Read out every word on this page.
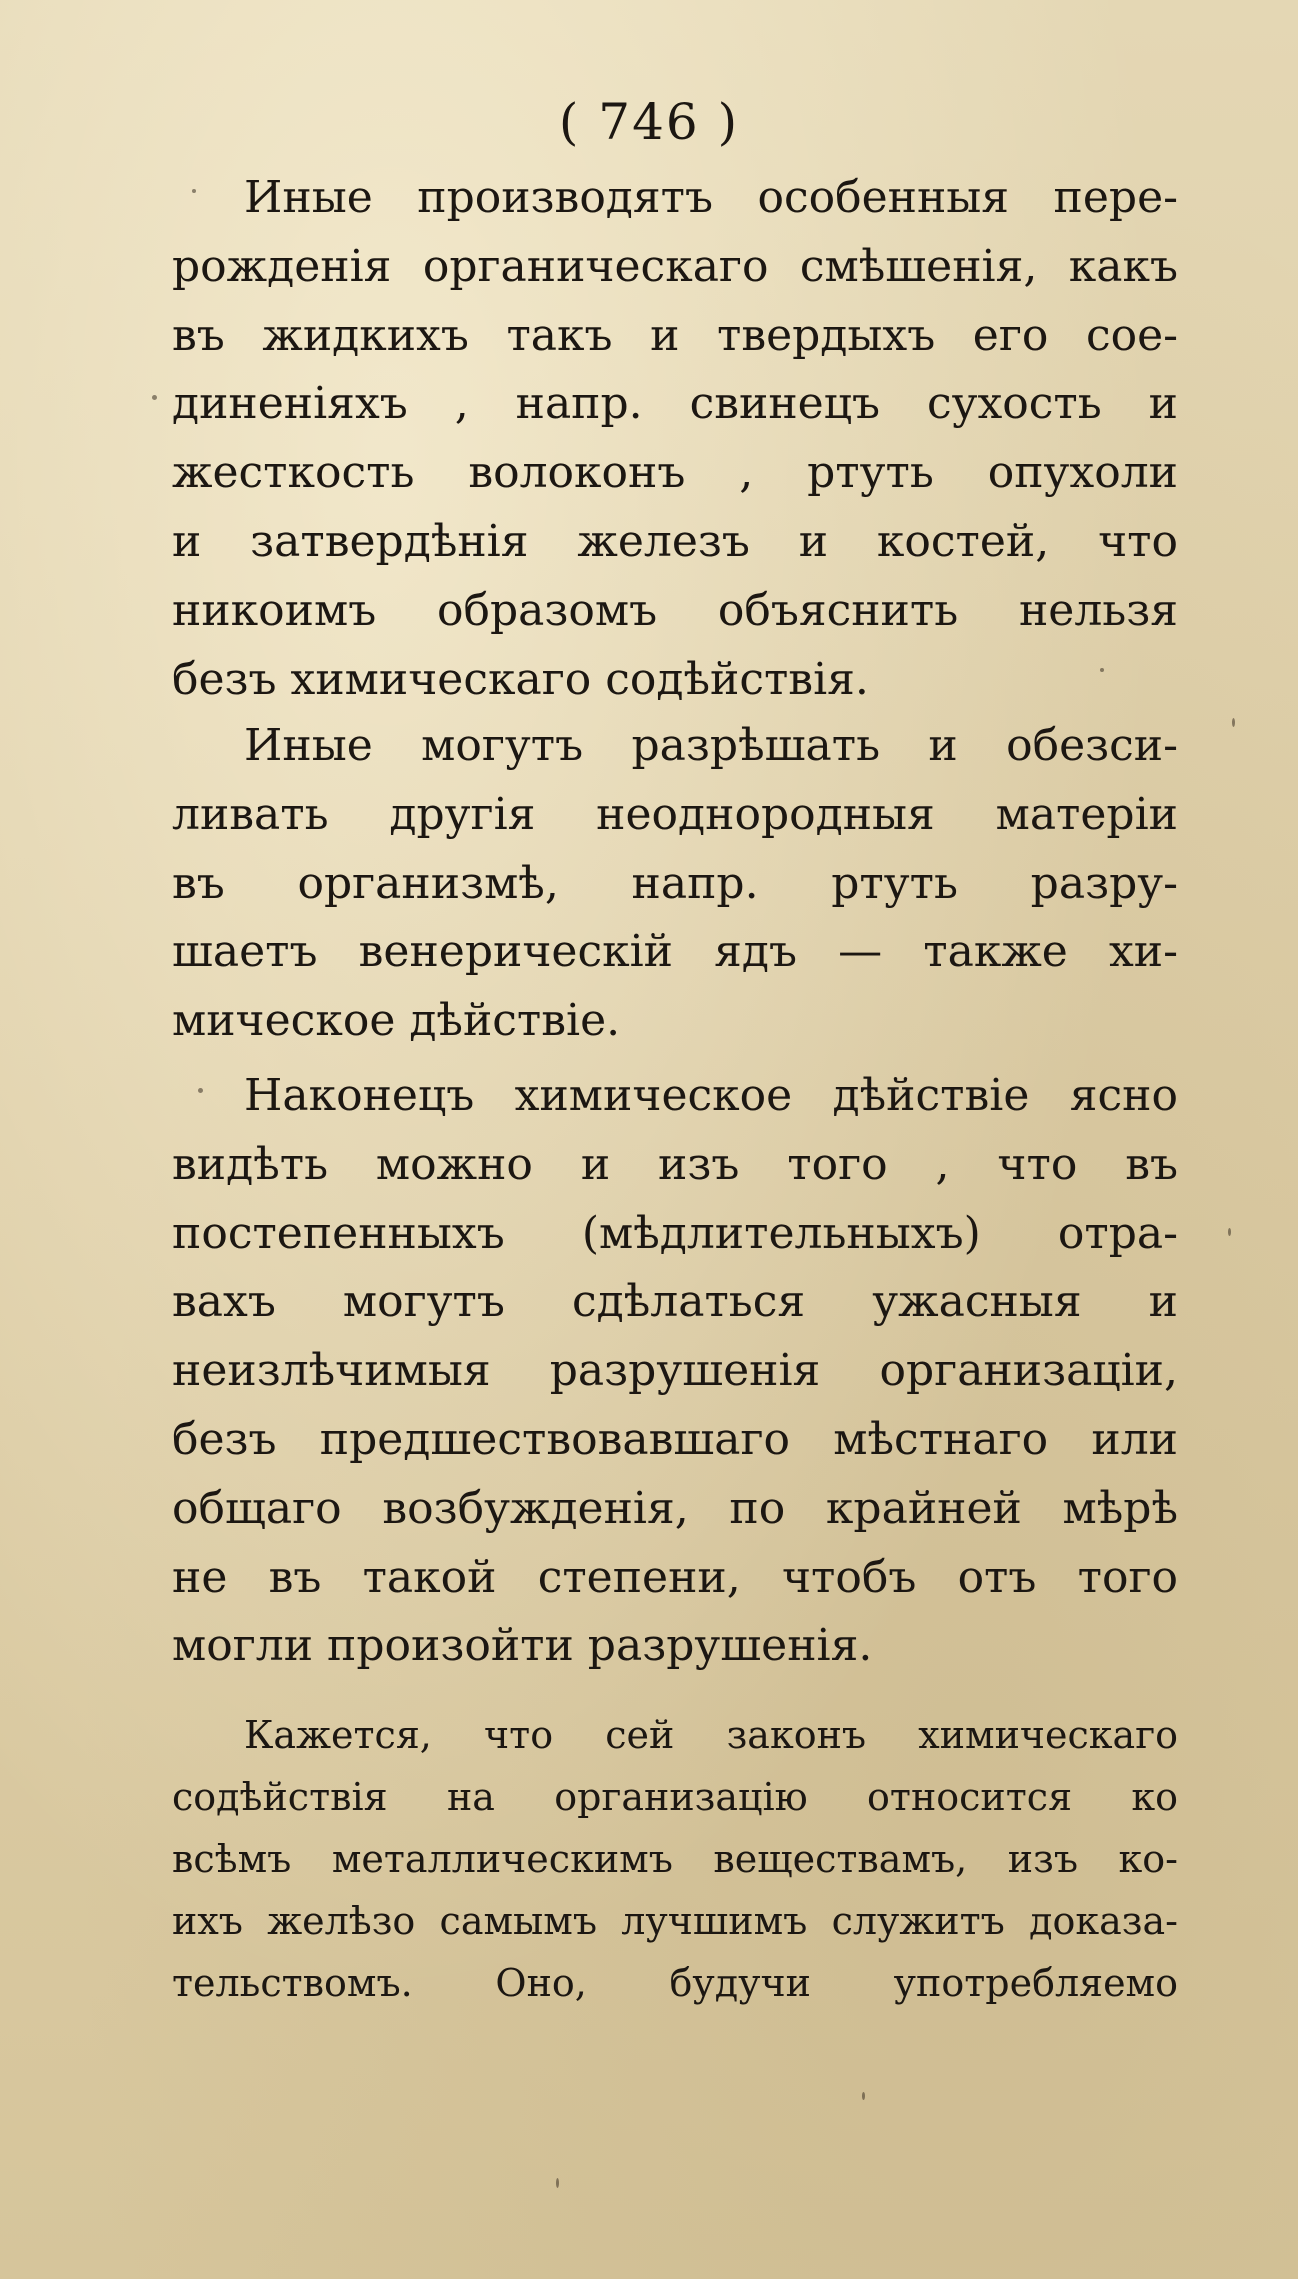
( 746 )
Иные производятъ особенныя пере-
рожденія органическаго смѣшенія, какъ
въ жидкихъ такъ и твердыхъ его сое-
диненіяхъ , напр. свинецъ сухость и
жесткость волоконъ , ртуть опухоли
и затвердѣнія железъ и костей, что
никоимъ образомъ объяснить нельзя
безъ химическаго содѣйствія.
Иные могутъ разрѣшать и обезси-
ливать другія неоднородныя матеріи
въ организмѣ, напр. ртуть разру-
шаетъ венерическій ядъ — также хи-
мическое дѣйствіе.
Наконецъ химическое дѣйствіе ясно
видѣть можно и изъ того , что въ
постепенныхъ (мѣдлительныхъ) отра-
вахъ могутъ сдѣлаться ужасныя и
неизлѣчимыя разрушенія организаціи,
безъ предшествовавшаго мѣстнаго или
общаго возбужденія, по крайней мѣрѣ
не въ такой степени, чтобъ отъ того
могли произойти разрушенія.
Кажется, что сей законъ химическаго
содѣйствія на организацію относится ко
всѣмъ металлическимъ веществамъ, изъ ко-
ихъ желѣзо самымъ лучшимъ служитъ доказа-
тельствомъ. Оно, будучи употребляемо
